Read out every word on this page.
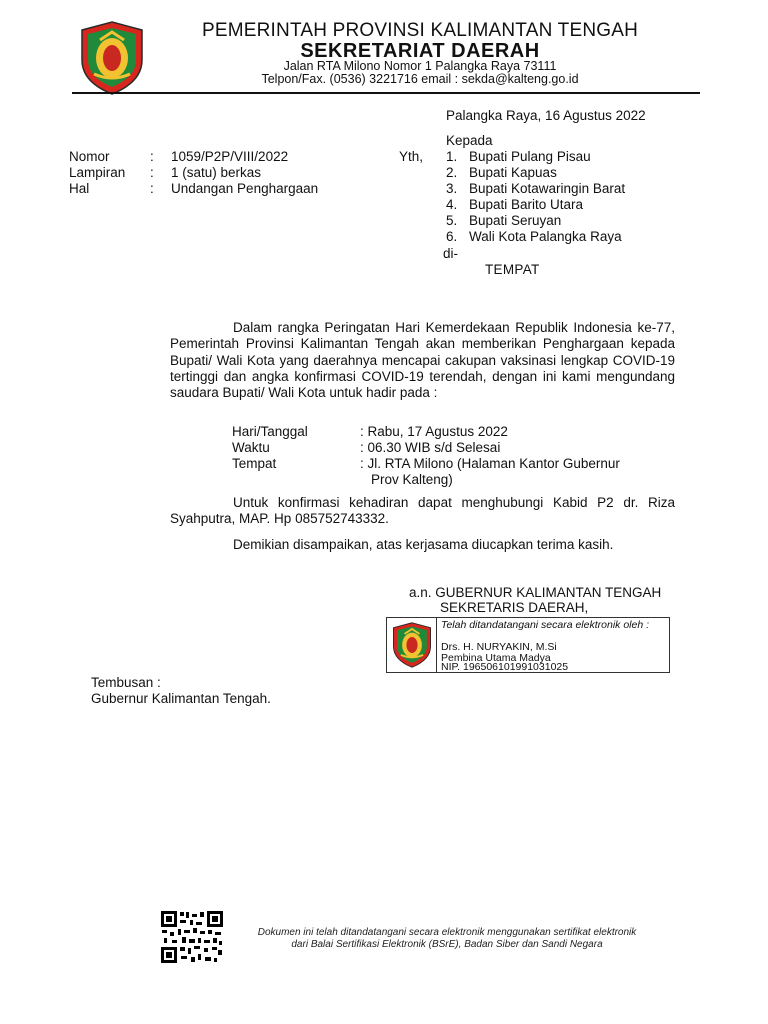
PEMERINTAH PROVINSI KALIMANTAN TENGAH
SEKRETARIAT DAERAH
Jalan RTA Milono Nomor 1 Palangka Raya 73111
Telpon/Fax. (0536) 3221716 email : sekda@kalteng.go.id
Palangka Raya, 16 Agustus 2022
Kepada
Yth, 1. Bupati Pulang Pisau
2. Bupati Kapuas
3. Bupati Kotawaringin Barat
4. Bupati Barito Utara
5. Bupati Seruyan
6. Wali Kota Palangka Raya
di-
TEMPAT
Nomor	: 1059/P2P/VIII/2022
Lampiran : 1 (satu) berkas
Hal	: Undangan Penghargaan
Dalam rangka Peringatan Hari Kemerdekaan Republik Indonesia ke-77, Pemerintah Provinsi Kalimantan Tengah akan memberikan Penghargaan kepada Bupati/ Wali Kota yang daerahnya mencapai cakupan vaksinasi lengkap COVID-19 tertinggi dan angka konfirmasi COVID-19 terendah, dengan ini kami mengundang saudara Bupati/ Wali Kota untuk hadir pada :
Hari/Tanggal	: Rabu, 17 Agustus 2022
Waktu	: 06.30 WIB s/d Selesai
Tempat	: Jl. RTA Milono (Halaman Kantor Gubernur
Prov Kalteng)
Untuk konfirmasi kehadiran dapat menghubungi Kabid P2 dr. Riza Syahputra, MAP. Hp 085752743332.
Demikian disampaikan, atas kerjasama diucapkan terima kasih.
a.n. GUBERNUR KALIMANTAN TENGAH
SEKRETARIS DAERAH,
Telah ditandatangani secara elektronik oleh :
Drs. H. NURYAKIN, M.Si
Pembina Utama Madya
NIP. 196506101991031025
Tembusan :
Gubernur Kalimantan Tengah.
Dokumen ini telah ditandatangani secara elektronik menggunakan sertifikat elektronik
dari Balai Sertifikasi Elektronik (BSrE), Badan Siber dan Sandi Negara
